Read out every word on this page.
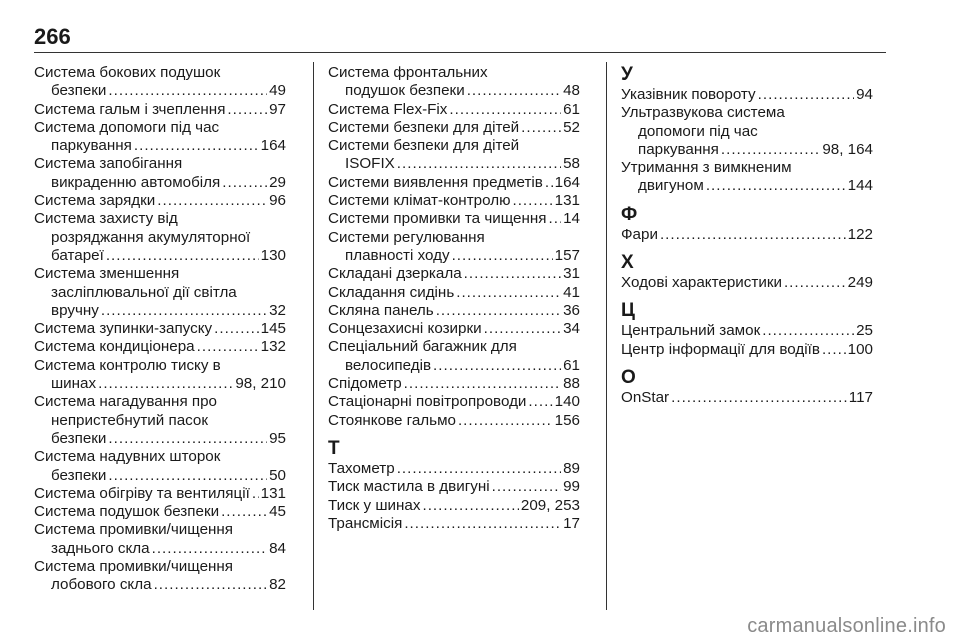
266
Система бокових подушок
безпеки .....	49
Система гальм і зчеплення .....	97
Система допомоги під час
паркування .....	164
Система запобігання
викраденню автомобіля .....	29
Система зарядки .....	96
Система захисту від
розряджання акумуляторної
батареї .....	130
Система зменшення
засліплювальної дії світла
вручну .....	32
Система зупинки-запуску .....	145
Система кондиціонера .....	132
Система контролю тиску в
шинах .....	98, 210
Система нагадування про
непристебнутий пасок
безпеки .....	95
Система надувних шторок
безпеки .....	50
Система обігріву та вентиляції ..... 131
Система подушок безпеки .....	45
Система промивки/чищення
заднього скла .....	84
Система промивки/чищення
лобового скла .....	82
Система фронтальних
подушок безпеки .....	48
Система Flex-Fix .....	61
Системи безпеки для дітей .....	52
Системи безпеки для дітей
ISOFIX .....	58
Системи виявлення предметів ..... 164
Системи клімат-контролю .....	131
Системи промивки та чищення ..... 14
Системи регулювання
плавності ходу .....	157
Складані дзеркала .....	31
Складання сидінь .....	41
Скляна панель .....	36
Сонцезахисні козирки .....	34
Спеціальний багажник для
велосипедів .....	61
Спідометр .....	88
Стаціонарні повітропроводи ..... 140
Стоянкове гальмо .....	156
Т
Тахометр .....	89
Тиск мастила в двигуні .....	99
Тиск у шинах .....	209, 253
Трансмісія .....	17
У
Указівник повороту .....	94
Ультразвукова система
допомоги під час
паркування .....	98, 164
Утримання з вимкненим
двигуном .....	144
Ф
Фари .....	122
Х
Ходові характеристики .....	249
Ц
Центральний замок .....	25
Центр інформації для водіїв ..... 100
O
OnStar .....	117
carmanualsonline.info
